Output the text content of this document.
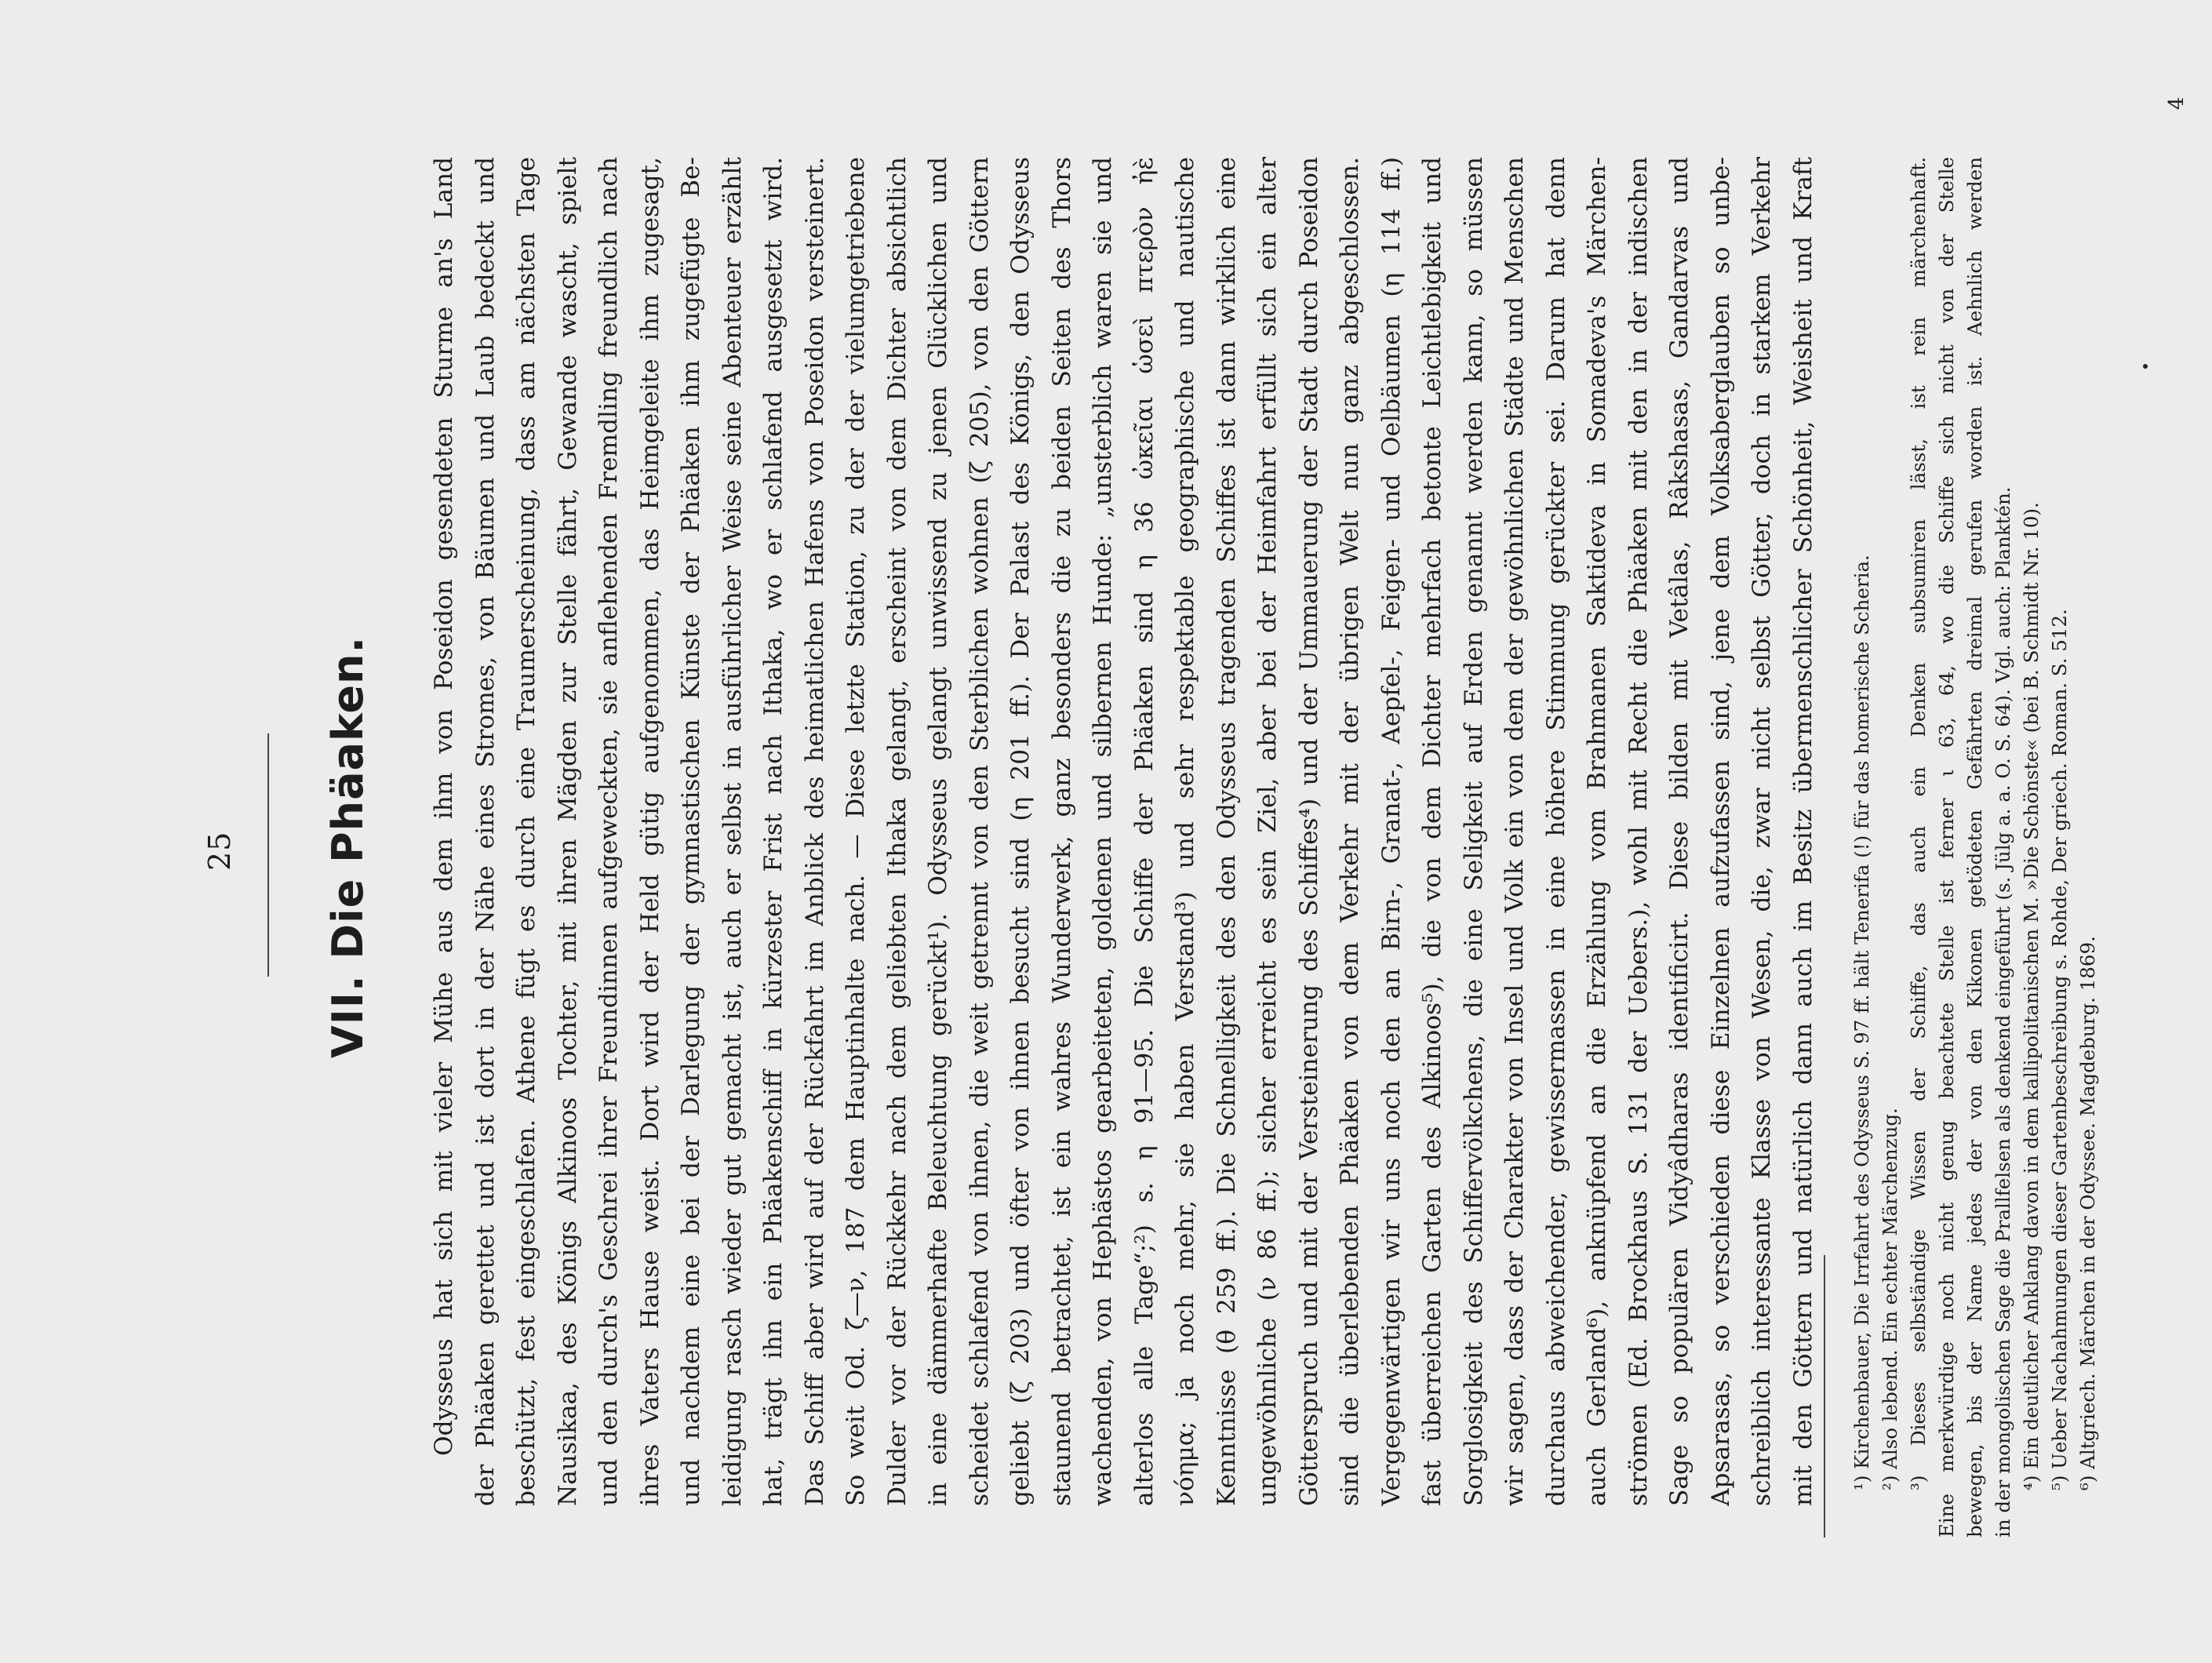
25 VII. Die Phäaken. Odysseus hat sich mit vieler Mühe aus dem ihm von Poseidon gesendeten Sturme an's Land der Phäaken gerettet und ist dort in der Nähe eines Stromes, von Bäumen und Laub bedeckt und beschützt, fest eingeschlafen. Athene fügt es durch eine Traumerscheinung, dass am nächsten Tage Nausikaa, des Königs Alkinoos Tochter, mit ihren Mägden zur Stelle fährt, Gewande wascht, spielt und den durch's Geschrei ihrer Freundinnen aufgeweckten, sie anflehenden Fremdling freundlich nach ihres Vaters Hause weist. Dort wird der Held gütig aufgenommen, das Heimgeleite ihm zugesagt, und nachdem eine bei der Darlegung der gymnastischen Künste der Phäaken ihm zugefügte Be- leidigung rasch wieder gut gemacht ist, auch er selbst in ausführlicher Weise seine Abenteuer erzählt hat, trägt ihn ein Phäakenschiff in kürzester Frist nach Ithaka, wo er schlafend ausgesetzt wird. Das Schiff aber wird auf der Rückfahrt im Anblick des heimatlichen Hafens von Poseidon versteinert. So weit Od. ζ—ν, 187 dem Hauptinhalte nach. — Diese letzte Station, zu der der vielumgetriebene Dulder vor der Rückkehr nach dem geliebten Ithaka gelangt, erscheint von dem Dichter absichtlich in eine dämmerhafte Beleuchtung gerückt¹). Odysseus gelangt unwissend zu jenen Glücklichen und scheidet schlafend von ihnen, die weit getrennt von den Sterblichen wohnen (ζ 205), von den Göttern geliebt (ζ 203) und öfter von ihnen besucht sind (η 201 ff.). Der Palast des Königs, den Odysseus staunend betrachtet, ist ein wahres Wunderwerk, ganz besonders die zu beiden Seiten des Thors wachenden, von Hephästos gearbeiteten, goldenen und silbernen Hunde: „unsterblich waren sie und alterlos alle Tage“;²) s. η 91—95. Die Schiffe der Phäaken sind η 36 ὠκεῖαι ὡσεὶ πτερὸν ἠὲ νόημα; ja noch mehr, sie haben Verstand³) und sehr respektable geographische und nautische Kenntnisse (θ 259 ff.). Die Schnelligkeit des den Odysseus tragenden Schiffes ist dann wirklich eine ungewöhnliche (ν 86 ff.); sicher erreicht es sein Ziel, aber bei der Heimfahrt erfüllt sich ein alter Götterspruch und mit der Versteinerung des Schiffes⁴) und der Ummauerung der Stadt durch Poseidon sind die überlebenden Phäaken von dem Verkehr mit der übrigen Welt nun ganz abgeschlossen. Vergegenwärtigen wir uns noch den an Birn-, Granat-, Aepfel-, Feigen- und Oelbäumen (η 114 ff.) fast überreichen Garten des Alkinoos⁵), die von dem Dichter mehrfach betonte Leichtlebigkeit und Sorglosigkeit des Schiffervölkchens, die eine Seligkeit auf Erden genannt werden kann, so müssen wir sagen, dass der Charakter von Insel und Volk ein von dem der gewöhnlichen Städte und Menschen durchaus abweichender, gewissermassen in eine höhere Stimmung gerückter sei. Darum hat denn auch Gerland⁶), anknüpfend an die Erzählung vom Brahmanen Saktideva in Somadeva's Märchen- strömen (Ed. Brockhaus S. 131 der Uebers.), wohl mit Recht die Phäaken mit den in der indischen Sage so populären Vidyâdharas identificirt. Diese bilden mit Vetâlas, Râkshasas, Gandarvas und Apsarasas, so verschieden diese Einzelnen aufzufassen sind, jene dem Volksaberglauben so unbe- schreiblich interessante Klasse von Wesen, die, zwar nicht selbst Götter, doch in starkem Verkehr mit den Göttern und natürlich dann auch im Besitz übermenschlicher Schönheit, Weisheit und Kraft	¹) Kirchenbauer, Die Irrfahrt des Odysseus S. 97 ff. hält Tenerifa (!) für das homerische Scheria. ²) Also lebend. Ein echter Märchenzug. ³) Dieses selbständige Wissen der Schiffe, das auch ein Denken subsumiren lässt, ist rein märchenhaft. Eine merkwürdige noch nicht genug beachtete Stelle ist ferner ι 63, 64, wo die Schiffe sich nicht von der Stelle bewegen, bis der Name jedes der von den Kikonen getödeten Gefährten dreimal gerufen worden ist. Aehnlich werden in der mongolischen Sage die Prallfelsen als denkend eingeführt (s. Jülg a. a. O. S. 64). Vgl. auch: Planktén. ⁴) Ein deutlicher Anklang davon in dem kallipolitanischen M. »Die Schönste« (bei B. Schmidt Nr. 10). ⁵) Ueber Nachahmungen dieser Gartenbeschreibung s. Rohde, Der griech. Roman. S. 512. ⁶) Altgriech. Märchen in der Odyssee. Magdeburg. 1869.
4
